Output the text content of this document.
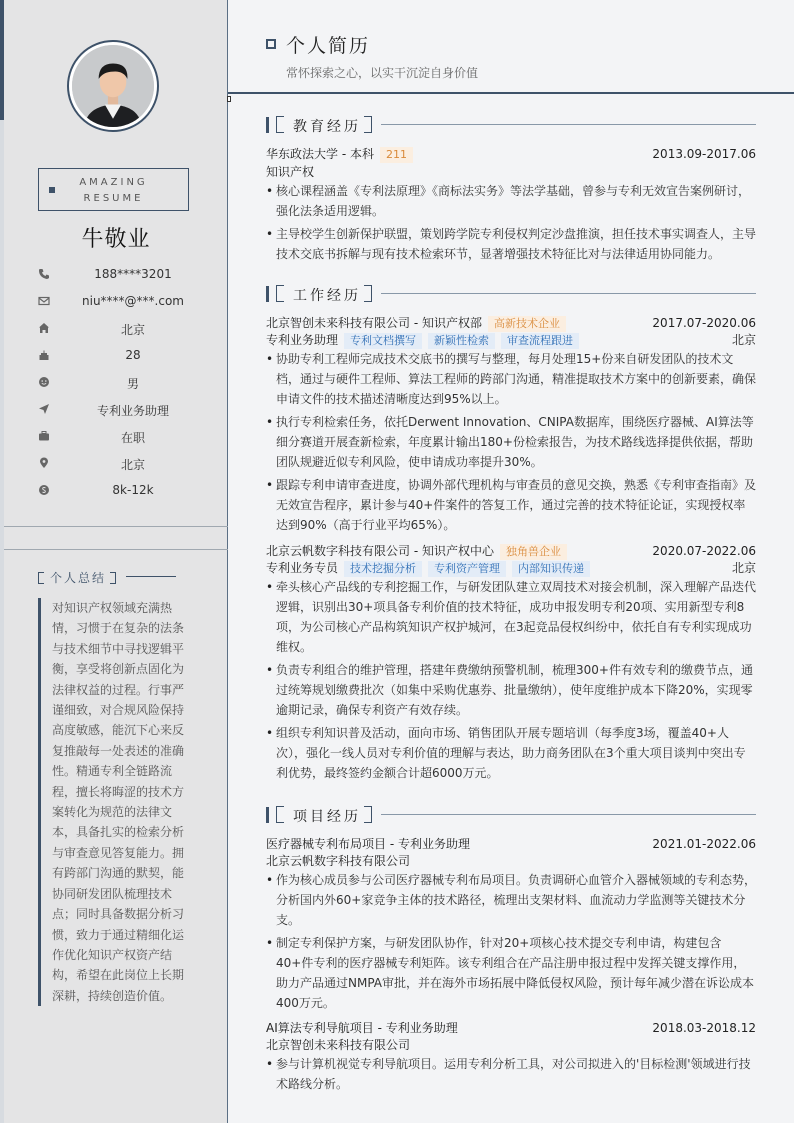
AMAZING
RESUME
牛敬业
188****3201
niu****@***.com
北京
28
男
专利业务助理
在职
北京
8k-12k
个人总结
对知识产权领域充满热情，习惯于在复杂的法条与技术细节中寻找逻辑平衡，享受将创新点固化为法律权益的过程。行事严谨细致，对合规风险保持高度敏感，能沉下心来反复推敲每一处表述的准确性。精通专利全链路流程，擅长将晦涩的技术方案转化为规范的法律文本，具备扎实的检索分析与审查意见答复能力。拥有跨部门沟通的默契，能协同研发团队梳理技术点；同时具备数据分析习惯，致力于通过精细化运作优化知识产权资产结构，希望在此岗位上长期深耕，持续创造价值。
个人简历
常怀探索之心，以实干沉淀自身价值
教育经历
华东政法大学 - 本科 211	2013.09-2017.06
知识产权
• 核心课程涵盖《专利法原理》《商标法实务》等法学基础，曾参与专利无效宣告案例研讨，强化法条适用逻辑。
• 主导校学生创新保护联盟，策划跨学院专利侵权判定沙盘推演，担任技术事实调查人，主导技术交底书拆解与现有技术检索环节，显著增强技术特征比对与法律适用协同能力。
工作经历
北京智创未来科技有限公司 - 知识产权部 高新技术企业	2017.07-2020.06
专利业务助理 专利文档撰写 新颖性检索 审查流程跟进	北京
• 协助专利工程师完成技术交底书的撰写与整理，每月处理15+份来自研发团队的技术文档，通过与硬件工程师、算法工程师的跨部门沟通，精准提取技术方案中的创新要素，确保申请文件的技术描述清晰度达到95%以上。
• 执行专利检索任务，依托Derwent Innovation、CNIPA数据库，围绕医疗器械、AI算法等细分赛道开展查新检索，年度累计输出180+份检索报告，为技术路线选择提供依据，帮助团队规避近似专利风险，使申请成功率提升30%。
• 跟踪专利申请审查进度，协调外部代理机构与审查员的意见交换，熟悉《专利审查指南》及无效宣告程序，累计参与40+件案件的答复工作，通过完善的技术特征论证，实现授权率达到90%（高于行业平均65%）。
北京云帆数字科技有限公司 - 知识产权中心 独角兽企业	2020.07-2022.06
专利业务专员 技术挖掘分析 专利资产管理 内部知识传递	北京
• 牵头核心产品线的专利挖掘工作，与研发团队建立双周技术对接会机制，深入理解产品迭代逻辑，识别出30+项具备专利价值的技术特征，成功申报发明专利20项、实用新型专利8项，为公司核心产品构筑知识产权护城河，在3起竞品侵权纠纷中，依托自有专利实现成功维权。
• 负责专利组合的维护管理，搭建年费缴纳预警机制，梳理300+件有效专利的缴费节点，通过统筹规划缴费批次（如集中采购优惠券、批量缴纳），使年度维护成本下降20%，实现零逾期记录，确保专利资产有效存续。
• 组织专利知识普及活动，面向市场、销售团队开展专题培训（每季度3场，覆盖40+人次），强化一线人员对专利价值的理解与表达，助力商务团队在3个重大项目谈判中突出专利优势，最终签约金额合计超6000万元。
项目经历
医疗器械专利布局项目 - 专利业务助理	2021.01-2022.06
北京云帆数字科技有限公司
• 作为核心成员参与公司医疗器械专利布局项目。负责调研心血管介入器械领域的专利态势，分析国内外60+家竞争主体的技术路径，梳理出支架材料、血流动力学监测等关键技术分支。
• 制定专利保护方案，与研发团队协作，针对20+项核心技术提交专利申请，构建包含40+件专利的医疗器械专利矩阵。该专利组合在产品注册申报过程中发挥关键支撑作用，助力产品通过NMPA审批，并在海外市场拓展中降低侵权风险，预计每年减少潜在诉讼成本400万元。
AI算法专利导航项目 - 专利业务助理	2018.03-2018.12
北京智创未来科技有限公司
• 参与计算机视觉专利导航项目。运用专利分析工具，对公司拟进入的'目标检测'领域进行技术路线分析。
